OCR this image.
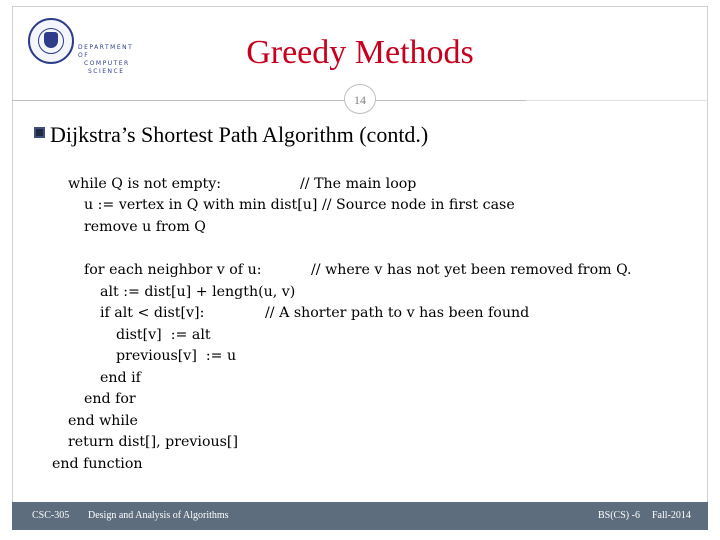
DEPARTMENT OF
COMPUTER
SCIENCE
Greedy Methods
14
Dijkstra’s Shortest Path Algorithm (contd.)
while Q is not empty:	// The main loop
u := vertex in Q with min dist[u] // Source node in first case
remove u from Q
for each neighbor v of u:	// where v has not yet been removed from Q.
alt := dist[u] + length(u, v)
if alt < dist[v]:	// A shorter path to v has been found
dist[v]  := alt
previous[v]  := u
end if
end for
end while
return dist[], previous[]
end function
CSC-305 Design and Analysis of Algorithms	BS(CS) -6 Fall-2014
